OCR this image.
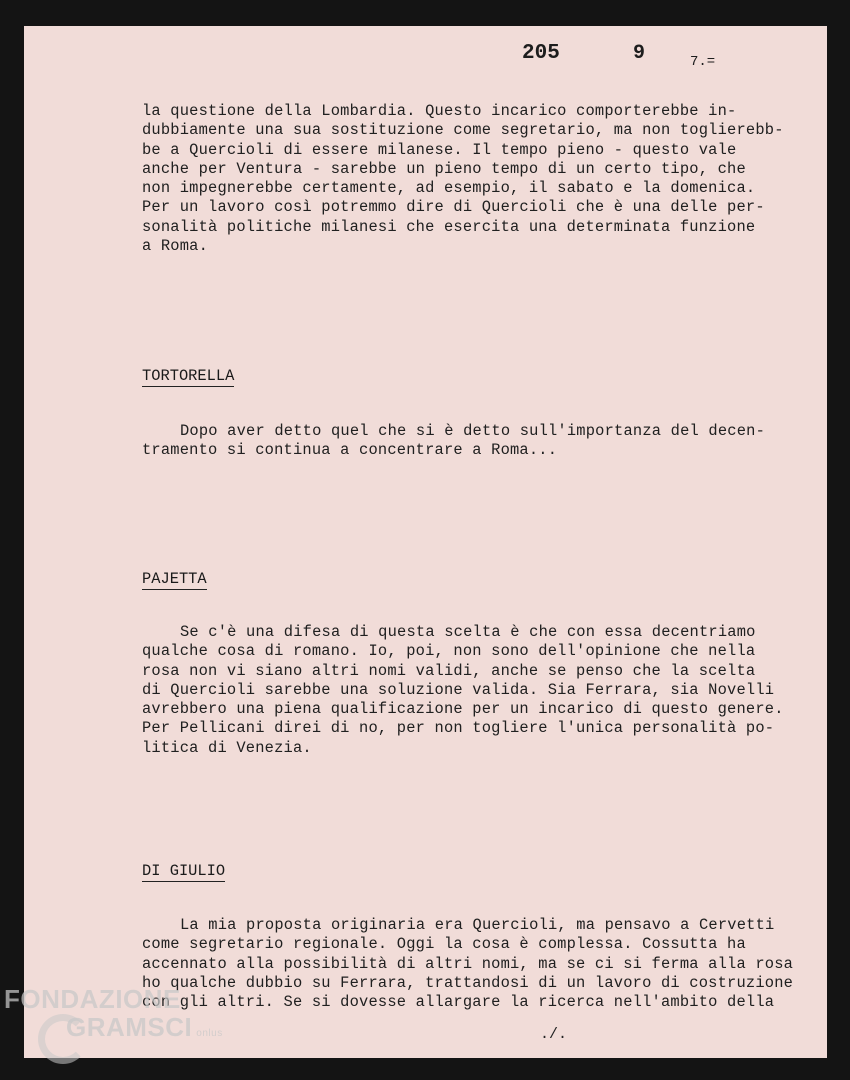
205	9	7.=

la questione della Lombardia. Questo incarico comporterebbe in-

dubbiamente una sua sostituzione come segretario, ma non toglierebb-

be a Quercioli di essere milanese. Il tempo pieno - questo vale

anche per Ventura - sarebbe un pieno tempo di un certo tipo, che

non impegnerebbe certamente, ad esempio, il sabato e la domenica.

Per un lavoro così potremmo dire di Quercioli che è una delle per-

sonalità politiche milanesi che esercita una determinata funzione

a Roma.

TORTORELLA

Dopo aver detto quel che si è detto sull'importanza del decen-

tramento si continua a concentrare a Roma...

PAJETTA

Se c'è una difesa di questa scelta è che con essa decentriamo

qualche cosa di romano. Io, poi, non sono dell'opinione che nella

rosa non vi siano altri nomi validi, anche se penso che la scelta

di Quercioli sarebbe una soluzione valida. Sia Ferrara, sia Novelli

avrebbero una piena qualificazione per un incarico di questo genere.

Per Pellicani direi di no, per non togliere l'unica personalità po-

litica di Venezia.

DI GIULIO

La mia proposta originaria era Quercioli, ma pensavo a Cervetti

come segretario regionale. Oggi la cosa è complessa. Cossutta ha

accennato alla possibilità di altri nomi, ma se ci si ferma alla rosa

ho qualche dubbio su Ferrara, trattandosi di un lavoro di costruzione

con gli altri. Se si dovesse allargare la ricerca nell'ambito della

./.
FONDAZIONE
GRAMSCI onlus
